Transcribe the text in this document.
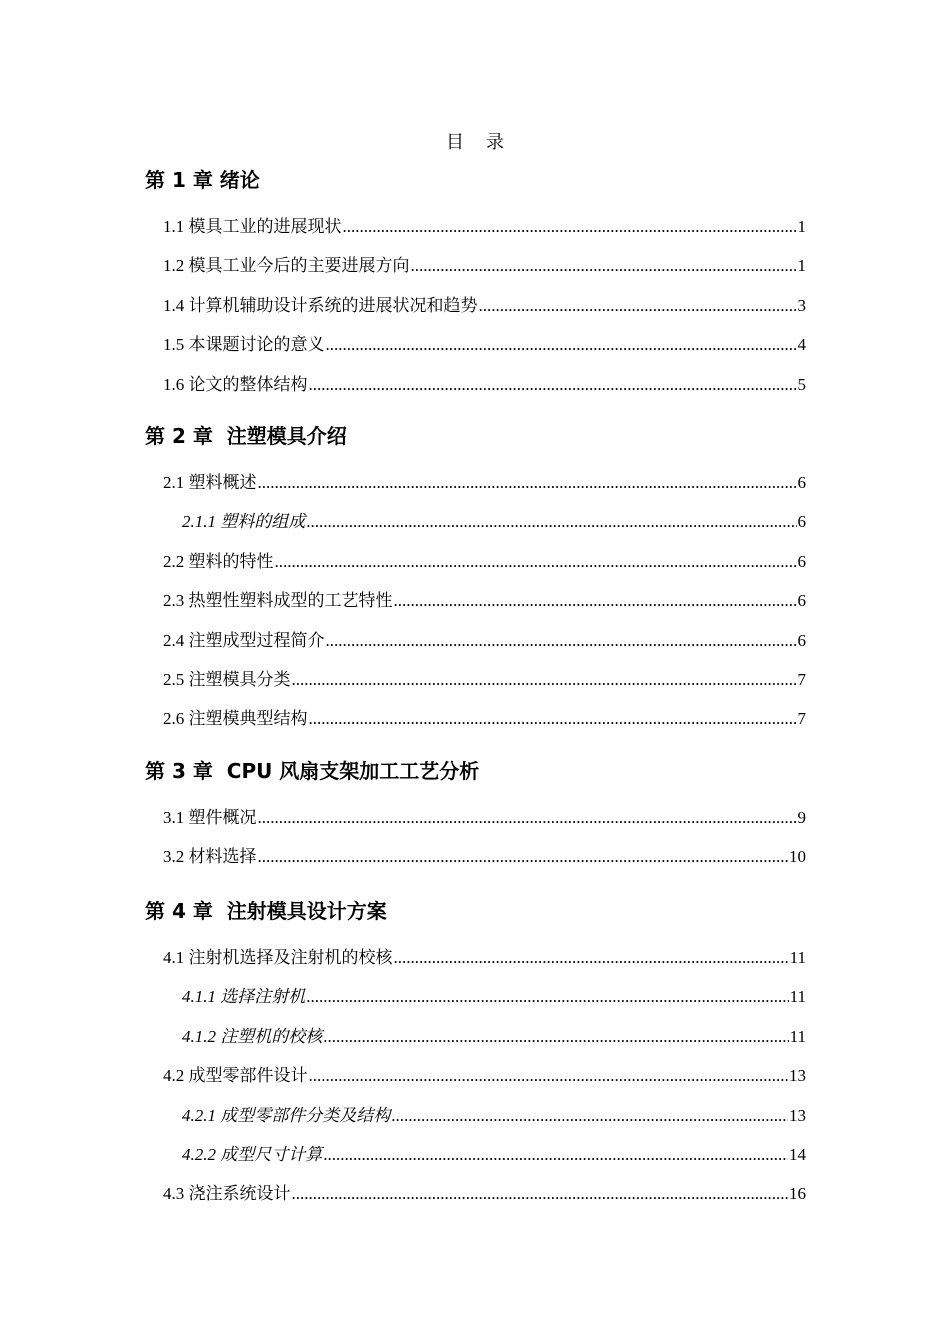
目录
第 1 章 绪论
1.1 模具工业的进展现状 .....	1
1.2 模具工业今后的主要进展方向 .....	1
1.4 计算机辅助设计系统的进展状况和趋势 .....	3
1.5 本课题讨论的意义 .....	4
1.6 论文的整体结构 .....	5
第 2 章  注塑模具介绍
2.1 塑料概述 .....	6
2.1.1 塑料的组成 .....	6
2.2 塑料的特性 .....	6
2.3 热塑性塑料成型的工艺特性 .....	6
2.4 注塑成型过程简介 .....	6
2.5 注塑模具分类 .....	7
2.6 注塑模典型结构 .....	7
第 3 章  CPU 风扇支架加工工艺分析
3.1 塑件概况 .....	9
3.2 材料选择 .....	10
第 4 章  注射模具设计方案
4.1 注射机选择及注射机的校核 .....	11
4.1.1 选择注射机 .....	11
4.1.2 注塑机的校核 .....	11
4.2 成型零部件设计 .....	13
4.2.1 成型零部件分类及结构 .....	13
4.2.2 成型尺寸计算 .....	14
4.3 浇注系统设计 .....	16
